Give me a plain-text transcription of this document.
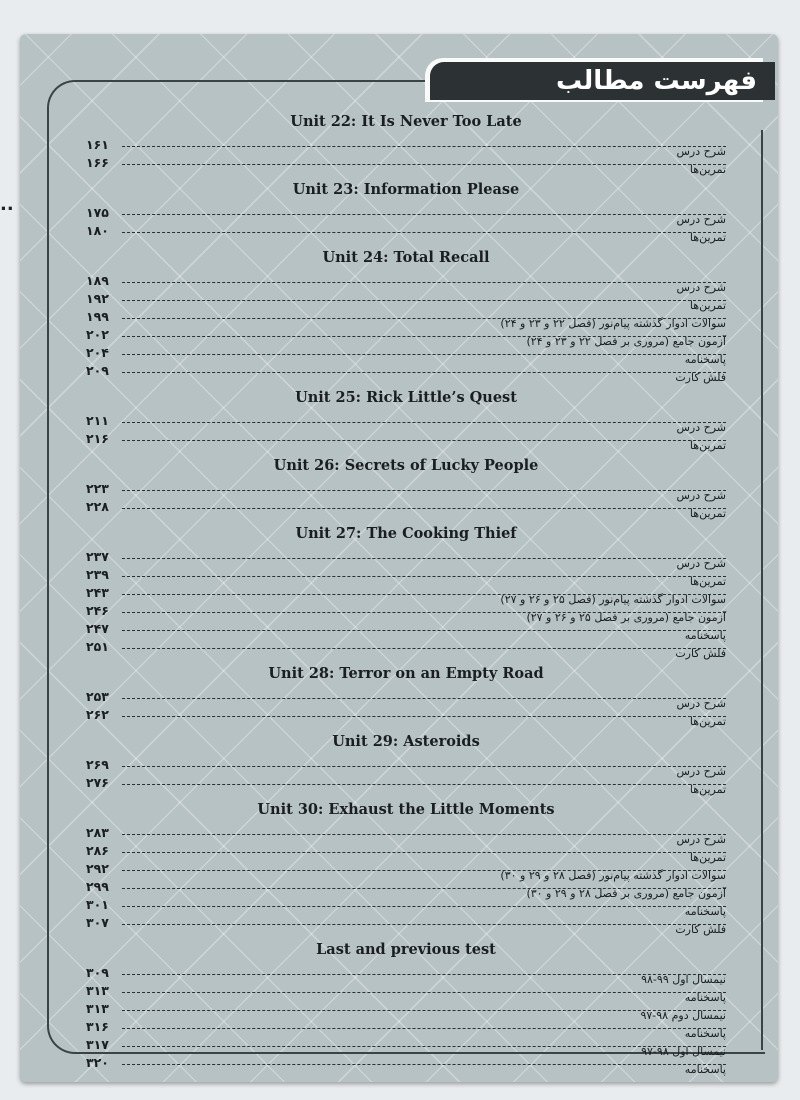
فهرست مطالب
Unit 22: It Is Never Too Late
۱۶۱	شرح درس
۱۶۶	تمرین‌ها
Unit 23: Information Please
۱۷۵	شرح درس
۱۸۰	تمرین‌ها
Unit 24: Total Recall
۱۸۹	شرح درس
۱۹۲	تمرین‌ها
۱۹۹	سوالات ادوار گذشته پیام‌نور (فصل ۲۲ و ۲۳ و ۲۴)
۲۰۲	آزمون جامع (مروری بر فصل ۲۲ و ۲۳ و ۲۴)
۲۰۴	پاسخنامه
۲۰۹	فلش کارت
Unit 25: Rick Little’s Quest
۲۱۱	شرح درس
۲۱۶	تمرین‌ها
Unit 26: Secrets of Lucky People
۲۲۳	شرح درس
۲۲۸	تمرین‌ها
Unit 27: The Cooking Thief
۲۳۷	شرح درس
۲۳۹	تمرین‌ها
۲۴۳	سوالات ادوار گذشته پیام‌نور (فصل ۲۵ و ۲۶ و ۲۷)
۲۴۶	آزمون جامع (مروری بر فصل ۲۵ و ۲۶ و ۲۷)
۲۴۷	پاسخنامه
۲۵۱	فلش کارت
Unit 28: Terror on an Empty Road
۲۵۳	شرح درس
۲۶۲	تمرین‌ها
Unit 29: Asteroids
۲۶۹	شرح درس
۲۷۶	تمرین‌ها
Unit 30: Exhaust the Little Moments
۲۸۳	شرح درس
۲۸۶	تمرین‌ها
۲۹۲	سوالات ادوار گذشته پیام‌نور (فصل ۲۸ و ۲۹ و ۳۰)
۲۹۹	آزمون جامع (مروری بر فصل ۲۸ و ۲۹ و ۳۰)
۳۰۱	پاسخنامه
۳۰۷	فلش کارت
Last and previous test
۳۰۹	نیمسال اول ۹۹-۹۸
۳۱۳	پاسخنامه
۳۱۳	نیمسال دوم ۹۸-۹۷
۳۱۶	پاسخنامه
۳۱۷	نیمسال اول ۹۸-۹۷
۳۲۰	پاسخنامه
..
